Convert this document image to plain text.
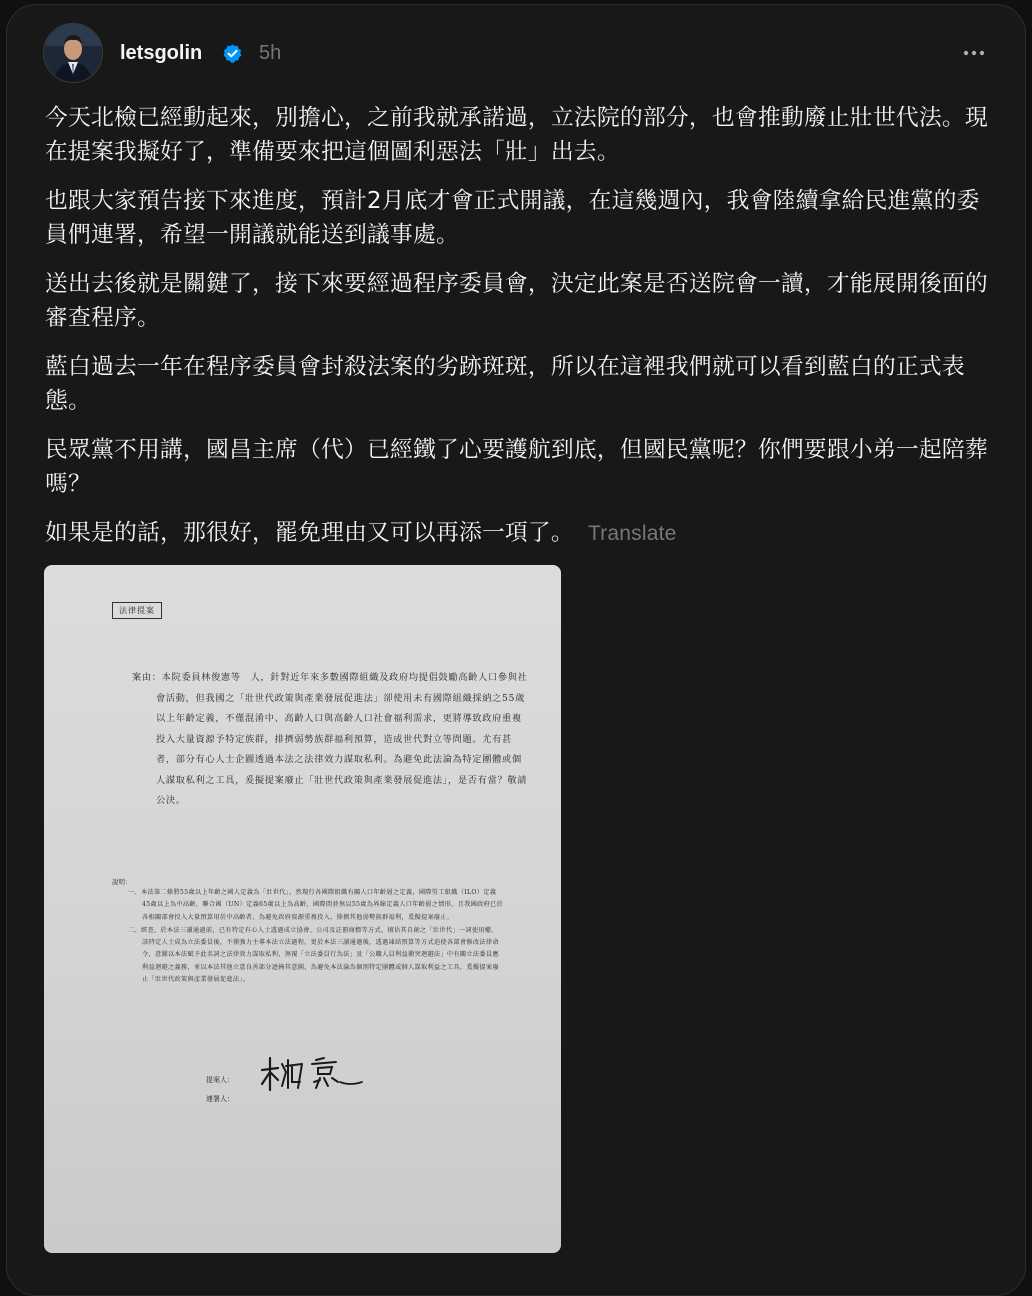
letsgolin	5h

今天北檢已經動起來，別擔心，之前我就承諾過，立法院的部分，也會推動廢止壯世代法。現在提案我擬好了，準備要來把這個圖利惡法「壯」出去。

也跟大家預告接下來進度，預計2月底才會正式開議，在這幾週內，我會陸續拿給民進黨的委員們連署，希望一開議就能送到議事處。

送出去後就是關鍵了，接下來要經過程序委員會，決定此案是否送院會一讀，才能展開後面的審查程序。

藍白過去一年在程序委員會封殺法案的劣跡斑斑，所以在這裡我們就可以看到藍白的正式表態。

民眾黨不用講，國昌主席（代）已經鐵了心要護航到底，但國民黨呢？你們要跟小弟一起陪葬嗎？

如果是的話，那很好，罷免理由又可以再添一項了。 Translate

法律提案
案由：本院委員林俊憲等　人，針對近年來多數國際組織及政府均提倡鼓勵高齡人口參與社會活動，但我國之「壯世代政策與產業發展促進法」卻使用未有國際組織採納之55歲以上年齡定義，不僅混淆中、高齡人口與高齡人口社會福利需求，更將導致政府重複投入大量資源予特定族群，排擠弱勢族群福利預算，造成世代對立等問題。尤有甚者，部分有心人士企圖透過本法之法律效力謀取私利。為避免此法淪為特定團體或個人謀取私利之工具，爰擬提案廢止「壯世代政策與產業發展促進法」，是否有當？敬請公決。
說明：

一、本法第二條將55歲以上年齡之國人定義為「壯世代」，然現行各國際組織有關人口年齡層之定義，國際勞工組織（ILO）定義45歲以上為中高齡，聯合國（UN）定義65歲以上為高齡，國際間並無以55歲為界線定義人口年齡層之情形，且我國政府已於各相關部會投入大量預算用於中高齡者，為避免政府資源重複投入，排擠其他弱勢族群福利，爰擬提案廢止。

二、經查，於本法三讀通過前，已有特定有心人士透過成立協會、公司及註冊商標等方式，擅佔其自創之「壯世代」一詞使用權，該特定人士成為立法委員後，不僅強力主導本法立法過程，更於本法三讀通過後，透過凍結預算等方式迫使各部會修改法律命令，意圖以本法賦予此名詞之法律效力謀取私利，無視「立法委員行為法」及「公職人員利益衝突迴避法」中有關立法委員應利益迴避之義務，並以本法其他立意良善部分遮掩其意圖，為避免本法淪為個別特定團體或個人謀取利益之工具，爰擬提案廢止「壯世代政策與產業發展促進法」。

提案人：
連署人：
